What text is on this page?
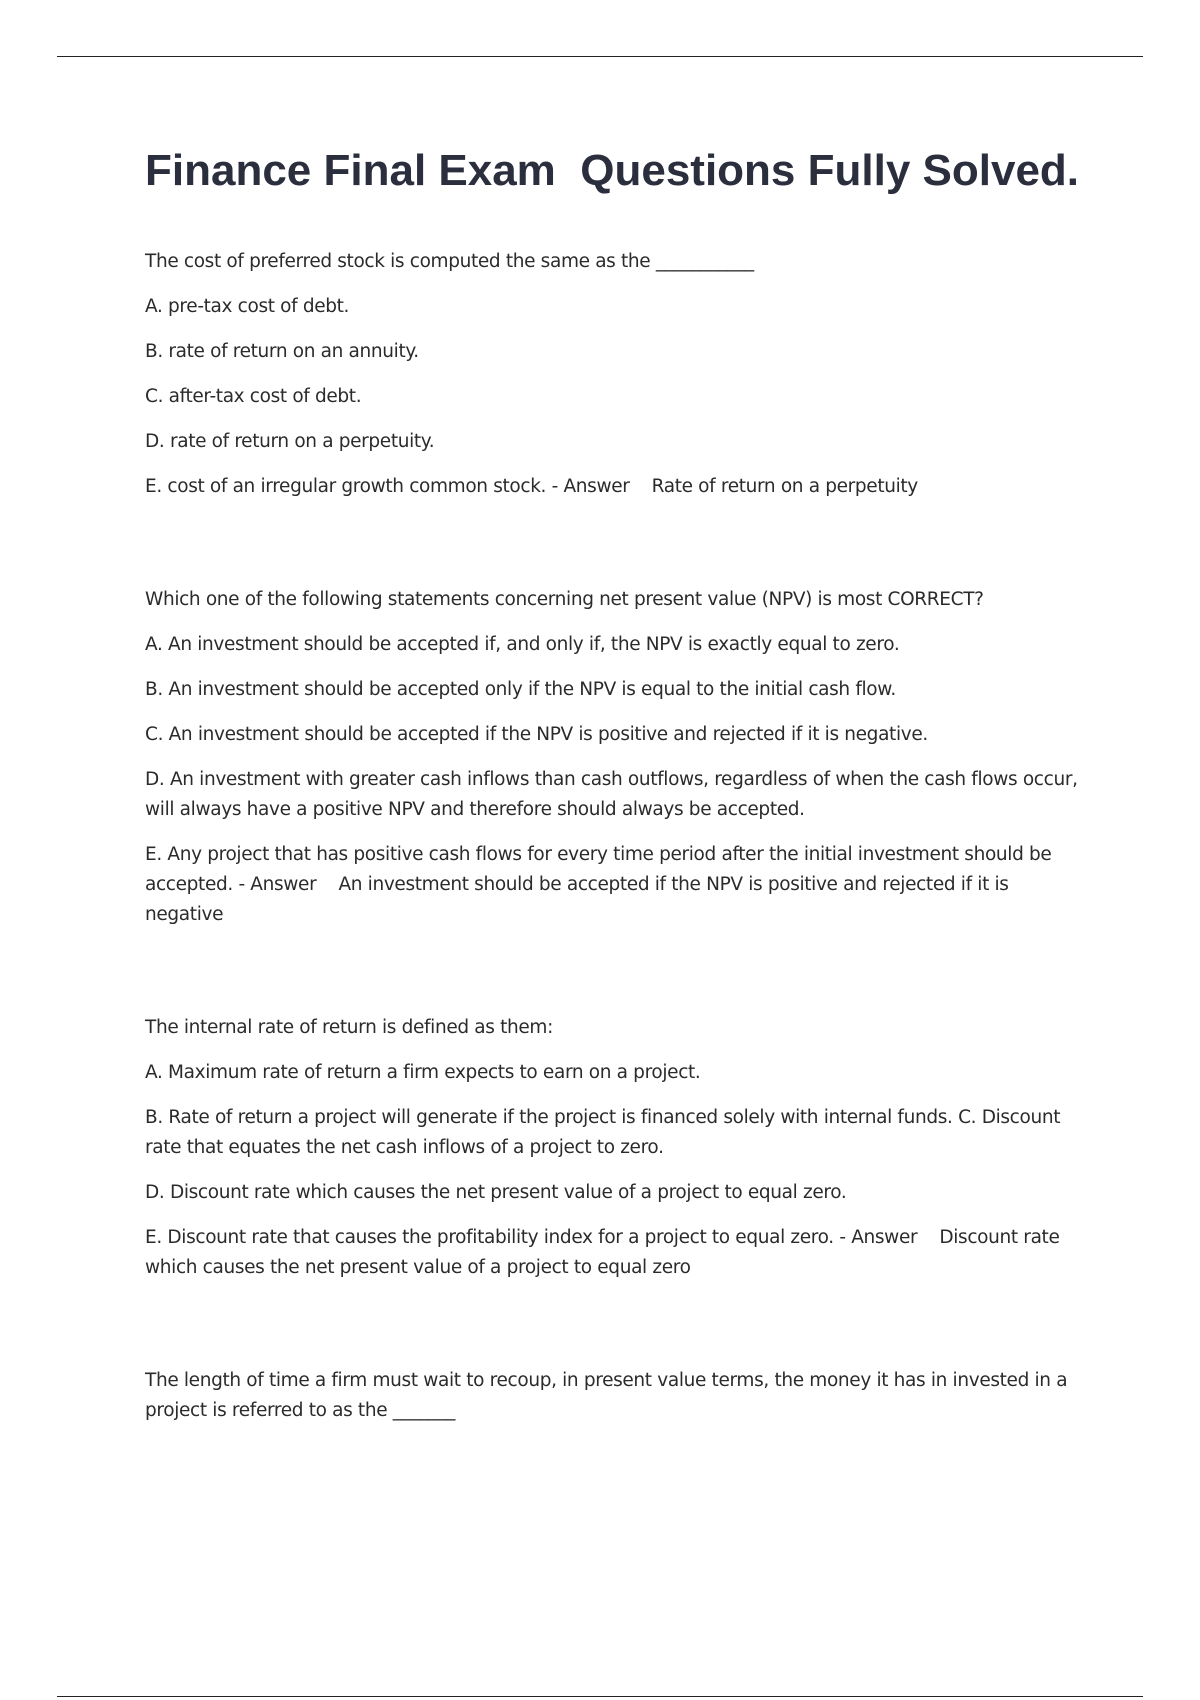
Finance Final Exam  Questions Fully Solved.

The cost of preferred stock is computed the same as the ___________

A. pre-tax cost of debt.

B. rate of return on an annuity.

C. after-tax cost of debt.

D. rate of return on a perpetuity.

E. cost of an irregular growth common stock. - Answer    Rate of return on a perpetuity

Which one of the following statements concerning net present value (NPV) is most CORRECT?

A. An investment should be accepted if, and only if, the NPV is exactly equal to zero.

B. An investment should be accepted only if the NPV is equal to the initial cash flow.

C. An investment should be accepted if the NPV is positive and rejected if it is negative.

D. An investment with greater cash inflows than cash outflows, regardless of when the cash flows occur, will always have a positive NPV and therefore should always be accepted.

E. Any project that has positive cash flows for every time period after the initial investment should be accepted. - Answer    An investment should be accepted if the NPV is positive and rejected if it is negative

The internal rate of return is defined as them:

A. Maximum rate of return a firm expects to earn on a project.

B. Rate of return a project will generate if the project is financed solely with internal funds. C. Discount rate that equates the net cash inflows of a project to zero.

D. Discount rate which causes the net present value of a project to equal zero.

E. Discount rate that causes the profitability index for a project to equal zero. - Answer    Discount rate which causes the net present value of a project to equal zero

The length of time a firm must wait to recoup, in present value terms, the money it has in invested in a project is referred to as the _______
